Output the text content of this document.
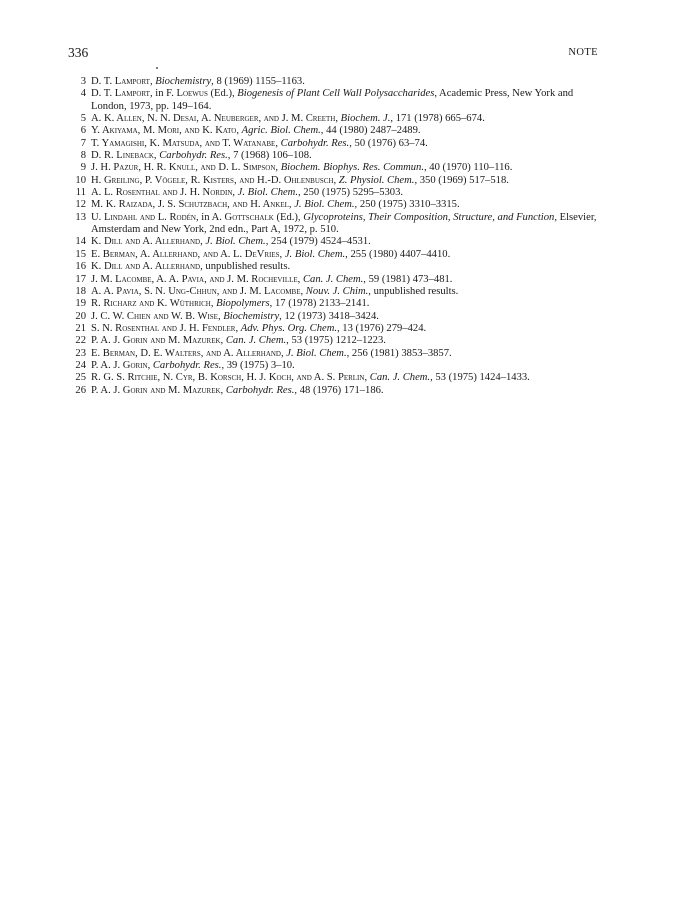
336	NOTE
3 D. T. Lamport, Biochemistry, 8 (1969) 1155–1163.
4 D. T. Lamport, in F. Loewus (Ed.), Biogenesis of Plant Cell Wall Polysaccharides, Academic Press, New York and London, 1973, pp. 149–164.
5 A. K. Allen, N. N. Desai, A. Neuberger, and J. M. Creeth, Biochem. J., 171 (1978) 665–674.
6 Y. Akiyama, M. Mori, and K. Kato, Agric. Biol. Chem., 44 (1980) 2487–2489.
7 T. Yamagishi, K. Matsuda, and T. Watanabe, Carbohydr. Res., 50 (1976) 63–74.
8 D. R. Lineback, Carbohydr. Res., 7 (1968) 106–108.
9 J. H. Pazur, H. R. Knull, and D. L. Simpson, Biochem. Biophys. Res. Commun., 40 (1970) 110–116.
10 H. Greiling, P. Vögele, R. Kisters, and H.-D. Ohlenbusch, Z. Physiol. Chem., 350 (1969) 517–518.
11 A. L. Rosenthal and J. H. Nordin, J. Biol. Chem., 250 (1975) 5295–5303.
12 M. K. Raizada, J. S. Schutzbach, and H. Ankel, J. Biol. Chem., 250 (1975) 3310–3315.
13 U. Lindahl and L. Rodén, in A. Gottschalk (Ed.), Glycoproteins, Their Composition, Structure, and Function, Elsevier, Amsterdam and New York, 2nd edn., Part A, 1972, p. 510.
14 K. Dill and A. Allerhand, J. Biol. Chem., 254 (1979) 4524–4531.
15 E. Berman, A. Allerhand, and A. L. DeVries, J. Biol. Chem., 255 (1980) 4407–4410.
16 K. Dill and A. Allerhand, unpublished results.
17 J. M. Lacombe, A. A. Pavia, and J. M. Rocheville, Can. J. Chem., 59 (1981) 473–481.
18 A. A. Pavia, S. N. Ung-Chhun, and J. M. Lacombe, Nouv. J. Chim., unpublished results.
19 R. Richarz and K. Wüthrich, Biopolymers, 17 (1978) 2133–2141.
20 J. C. W. Chien and W. B. Wise, Biochemistry, 12 (1973) 3418–3424.
21 S. N. Rosenthal and J. H. Fendler, Adv. Phys. Org. Chem., 13 (1976) 279–424.
22 P. A. J. Gorin and M. Mazurek, Can. J. Chem., 53 (1975) 1212–1223.
23 E. Berman, D. E. Walters, and A. Allerhand, J. Biol. Chem., 256 (1981) 3853–3857.
24 P. A. J. Gorin, Carbohydr. Res., 39 (1975) 3–10.
25 R. G. S. Ritchie, N. Cyr, B. Korsch, H. J. Koch, and A. S. Perlin, Can. J. Chem., 53 (1975) 1424–1433.
26 P. A. J. Gorin and M. Mazurek, Carbohydr. Res., 48 (1976) 171–186.
